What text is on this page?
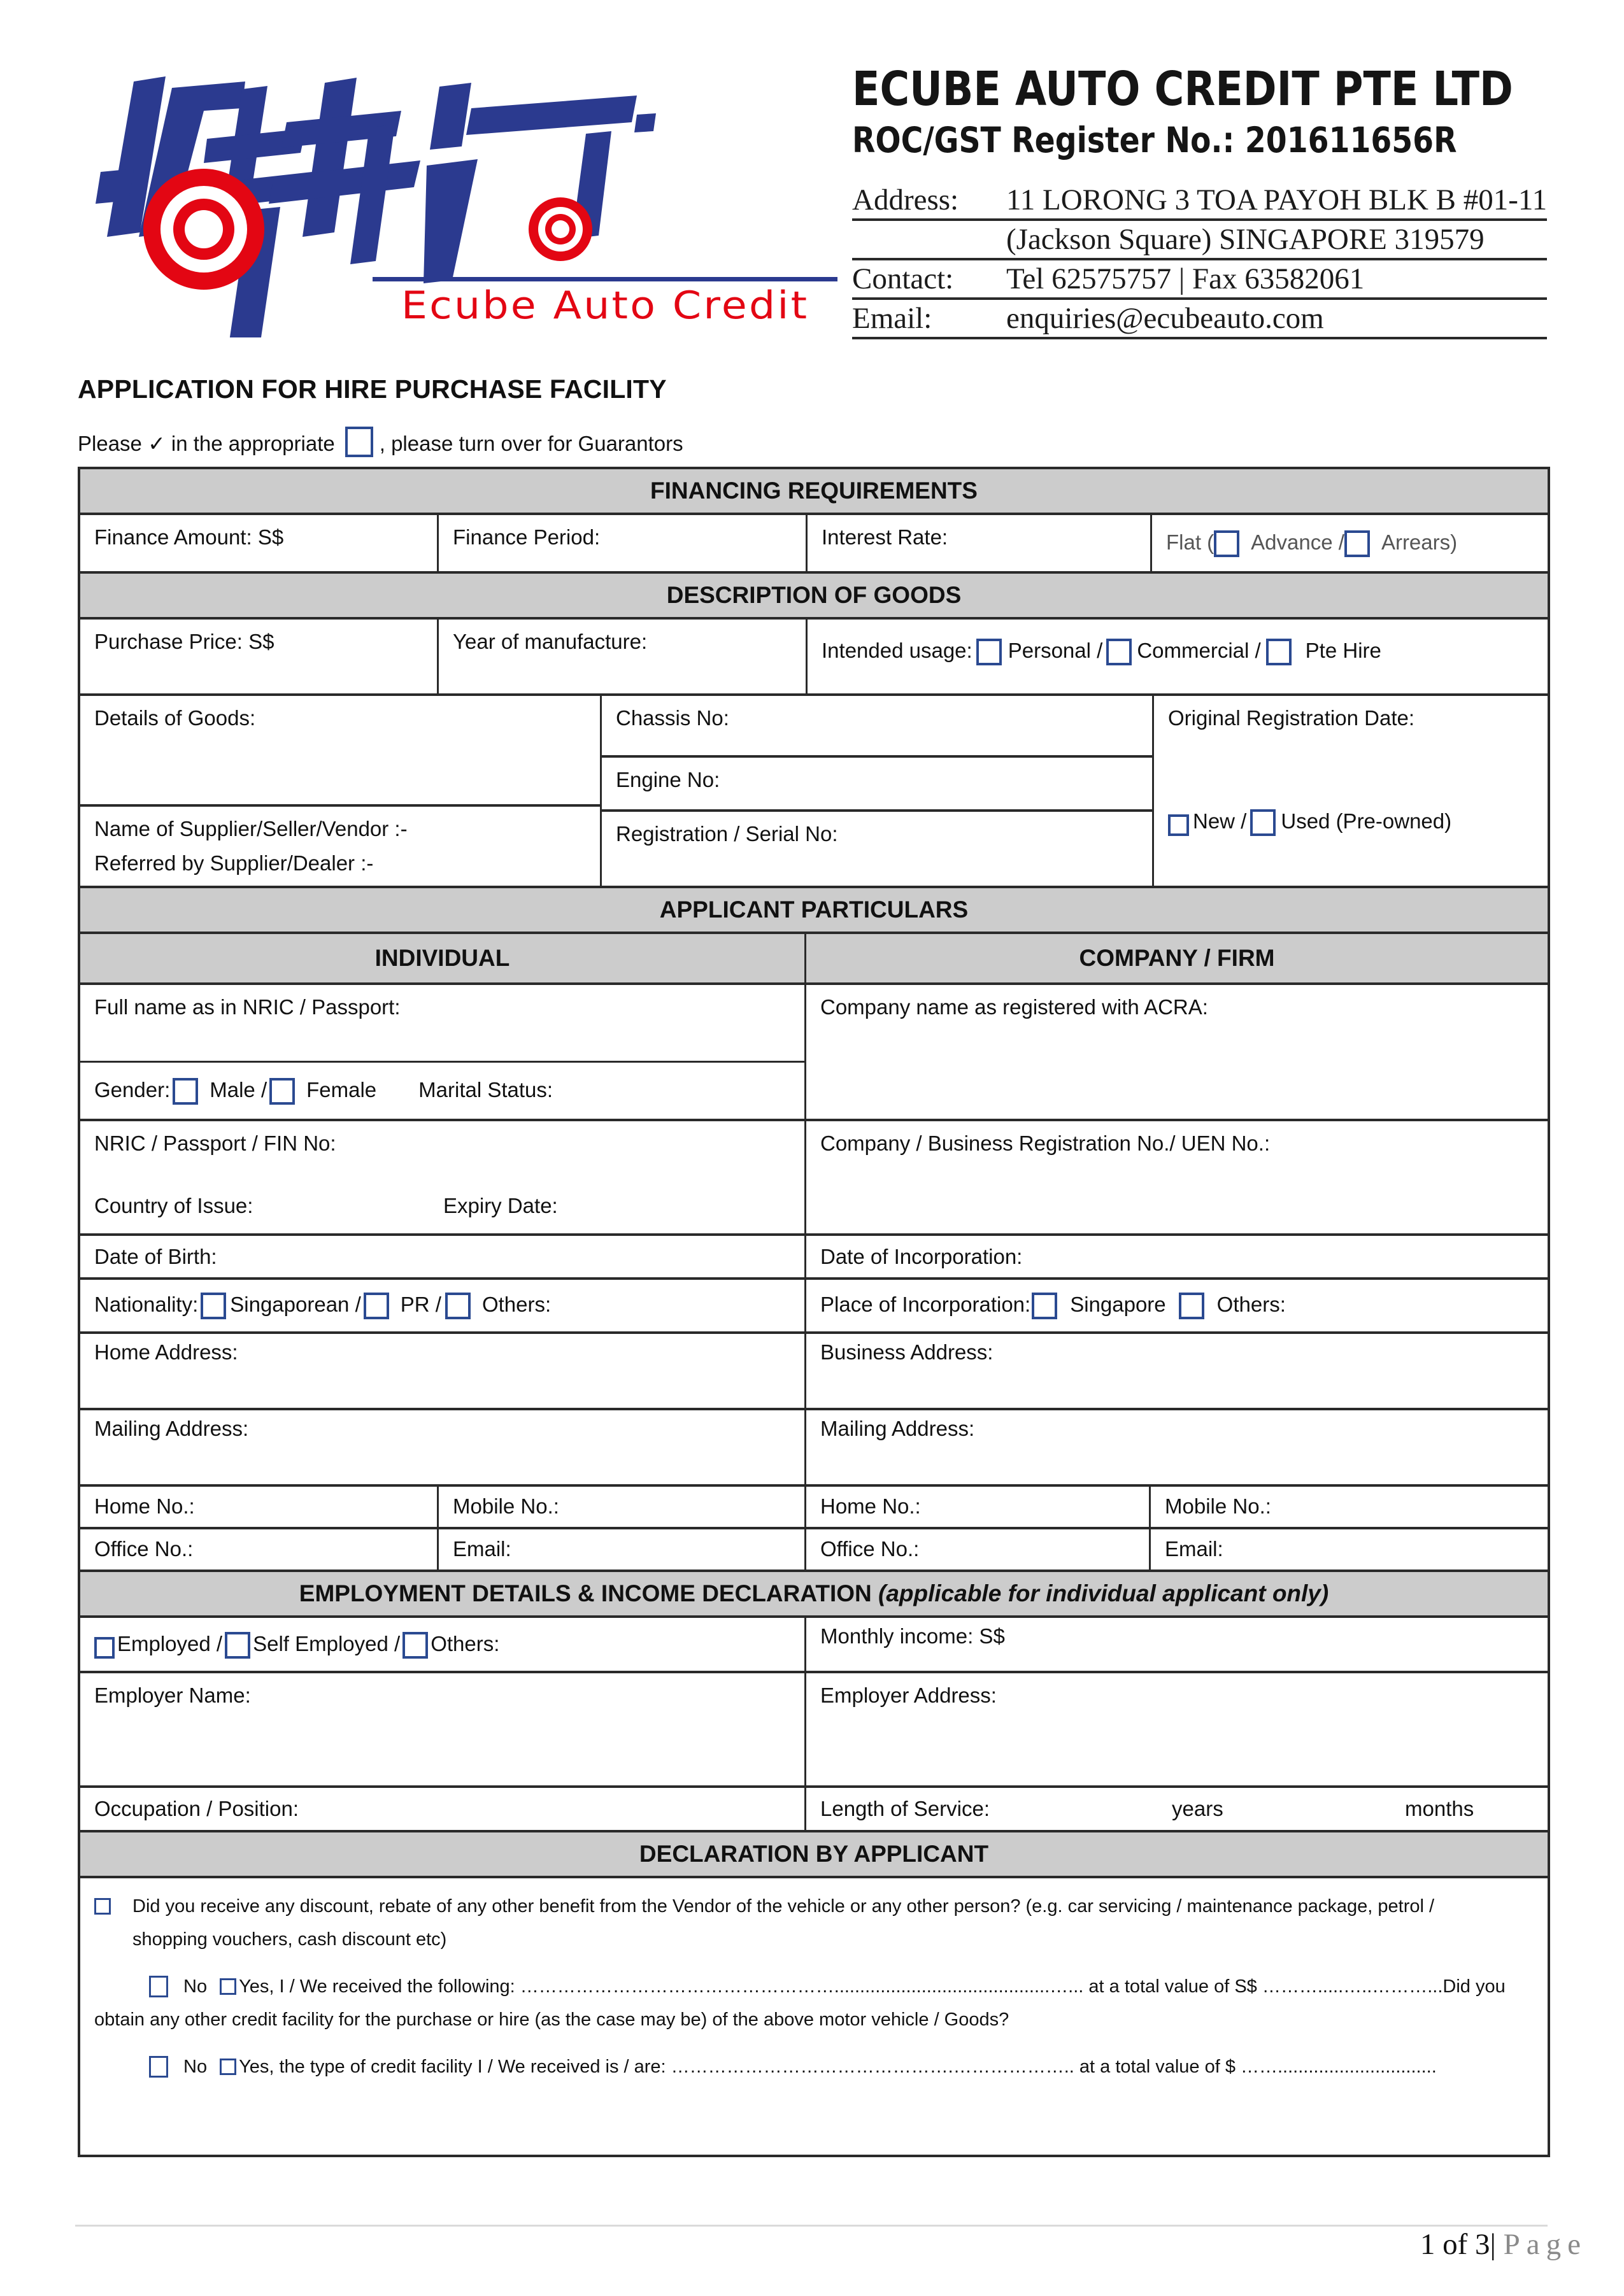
Ecube Auto Credit
ECUBE AUTO CREDIT PTE LTD
ROC/GST Register No.: 201611656R
Address:	11 LORONG 3 TOA PAYOH BLK B #01-11
(Jackson Square) SINGAPORE 319579
Contact:	Tel 62575757 | Fax 63582061
Email:	enquiries@ecubeauto.com
APPLICATION FOR HIRE PURCHASE FACILITY
Please ✓ in the appropriate , please turn over for Guarantors
FINANCING REQUIREMENTS
Finance Amount: S$	Finance Period:	Interest Rate:	Flat ( Advance / Arrears)
DESCRIPTION OF GOODS
Purchase Price: S$	Year of manufacture:	Intended usage: Personal / Commercial / Pte Hire
Details of Goods:
Name of Supplier/Seller/Vendor :-
Referred by Supplier/Dealer :-
Chassis No:
Engine No:
Registration / Serial No:
Original Registration Date:
New / Used (Pre-owned)
APPLICANT PARTICULARS
INDIVIDUAL	COMPANY / FIRM
Full name as in NRIC / Passport:
Gender: Male / Female Marital Status:
Company name as registered with ACRA:
NRIC / Passport / FIN No:
Country of Issue:	Expiry Date:
Company / Business Registration No./ UEN No.:
Date of Birth:	Date of Incorporation:
Nationality: Singaporean / PR / Others:	Place of Incorporation: Singapore Others:
Home Address:	Business Address:
Mailing Address:	Mailing Address:
Home No.:	Mobile No.:	Home No.:	Mobile No.:
Office No.:	Email:	Office No.:	Email:
EMPLOYMENT DETAILS & INCOME DECLARATION
(applicable for individual applicant only)
Employed / Self Employed / Others:	Monthly income: S$
Employer Name:	Employer Address:
Occupation / Position:	Length of Service:	years	months
DECLARATION BY APPLICANT
Did you receive any discount, rebate of any other benefit from the Vendor of the vehicle or any other person? (e.g. car servicing / maintenance package, petrol /
shopping vouchers, cash discount etc)
No Yes, I / We received the following: ……………………………………………..........................................…... at a total value of S$ ……….....…..………...Did you
obtain any other credit facility for the purchase or hire (as the case may be) of the above motor vehicle / Goods?
No Yes, the type of credit facility I / We received is / are: ……………………………………….……………….. at a total value of $ ……...............................
1 of 3| Page
